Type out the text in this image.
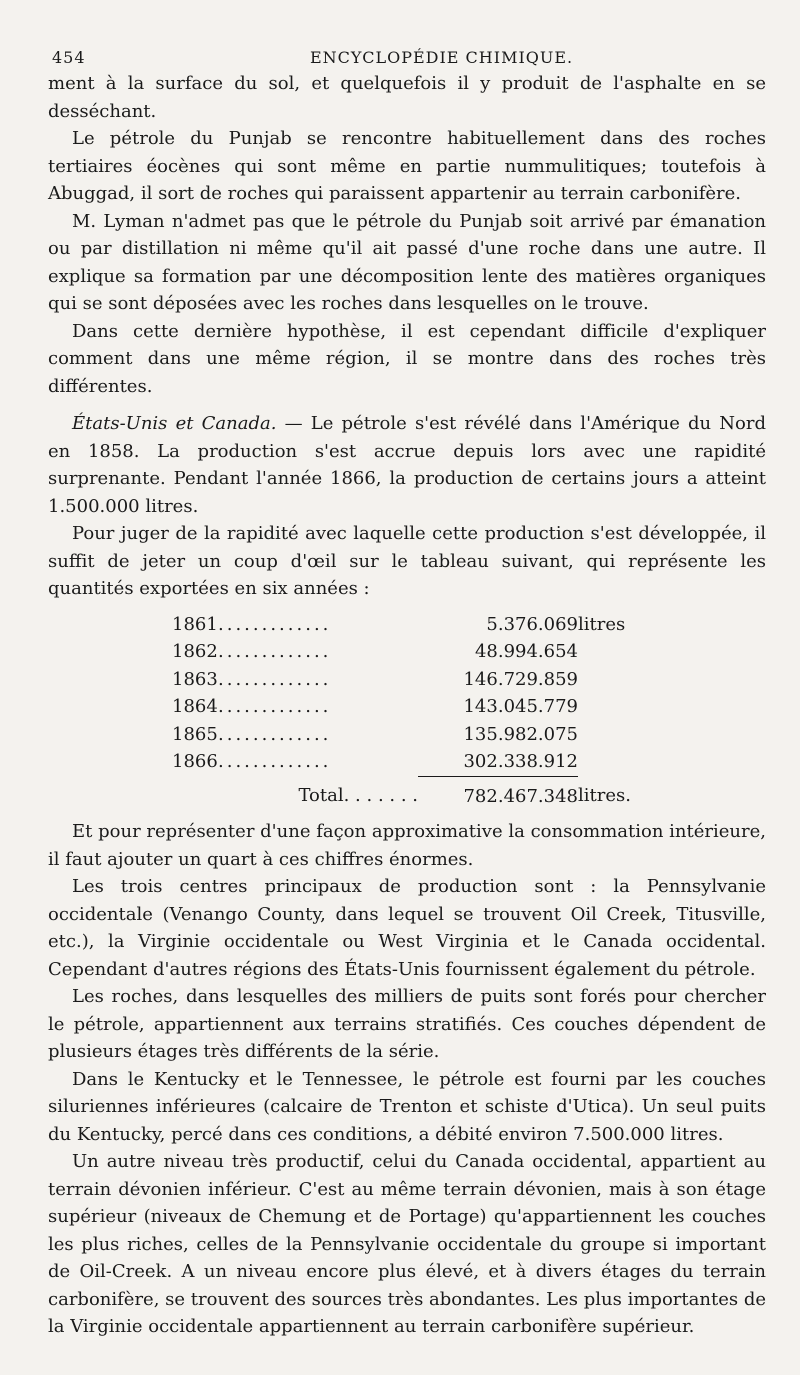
454	ENCYCLOPÉDIE CHIMIQUE.

ment à la surface du sol, et quelquefois il y produit de l'asphalte en se desséchant.

Le pétrole du Punjab se rencontre habituellement dans des roches tertiaires éocènes qui sont même en partie nummulitiques; toutefois à Abuggad, il sort de roches qui paraissent appartenir au terrain carbonifère.

M. Lyman n'admet pas que le pétrole du Punjab soit arrivé par émanation ou par distillation ni même qu'il ait passé d'une roche dans une autre. Il explique sa formation par une décomposition lente des matières organiques qui se sont déposées avec les roches dans lesquelles on le trouve.

Dans cette dernière hypothèse, il est cependant difficile d'expliquer comment dans une même région, il se montre dans des roches très différentes.

États-Unis et Canada. — Le pétrole s'est révélé dans l'Amérique du Nord en 1858. La production s'est accrue depuis lors avec une rapidité surprenante. Pendant l'année 1866, la production de certains jours a atteint 1.500.000 litres.

Pour juger de la rapidité avec laquelle cette production s'est développée, il suffit de jeter un coup d'œil sur le tableau suivant, qui représente les quantités exportées en six années :

1861	.............	5.376.069	litres
1862	.............	48.994.654	
1863	.............	146.729.859	
1864	.............	143.045.779	
1865	.............	135.982.075	
1866	.............	302.338.912	
Total. . . . . . .		782.467.348	litres.

Et pour représenter d'une façon approximative la consommation intérieure, il faut ajouter un quart à ces chiffres énormes.

Les trois centres principaux de production sont : la Pennsylvanie occidentale (Venango County, dans lequel se trouvent Oil Creek, Titusville, etc.), la Virginie occidentale ou West Virginia et le Canada occidental. Cependant d'autres régions des États-Unis fournissent également du pétrole.

Les roches, dans lesquelles des milliers de puits sont forés pour chercher le pétrole, appartiennent aux terrains stratifiés. Ces couches dépendent de plusieurs étages très différents de la série.

Dans le Kentucky et le Tennessee, le pétrole est fourni par les couches siluriennes inférieures (calcaire de Trenton et schiste d'Utica). Un seul puits du Kentucky, percé dans ces conditions, a débité environ 7.500.000 litres.

Un autre niveau très productif, celui du Canada occidental, appartient au terrain dévonien inférieur. C'est au même terrain dévonien, mais à son étage supérieur (niveaux de Chemung et de Portage) qu'appartiennent les couches les plus riches, celles de la Pennsylvanie occidentale du groupe si important de Oil-Creek. A un niveau encore plus élevé, et à divers étages du terrain carbonifère, se trouvent des sources très abondantes. Les plus importantes de la Virginie occidentale appartiennent au terrain carbonifère supérieur.
